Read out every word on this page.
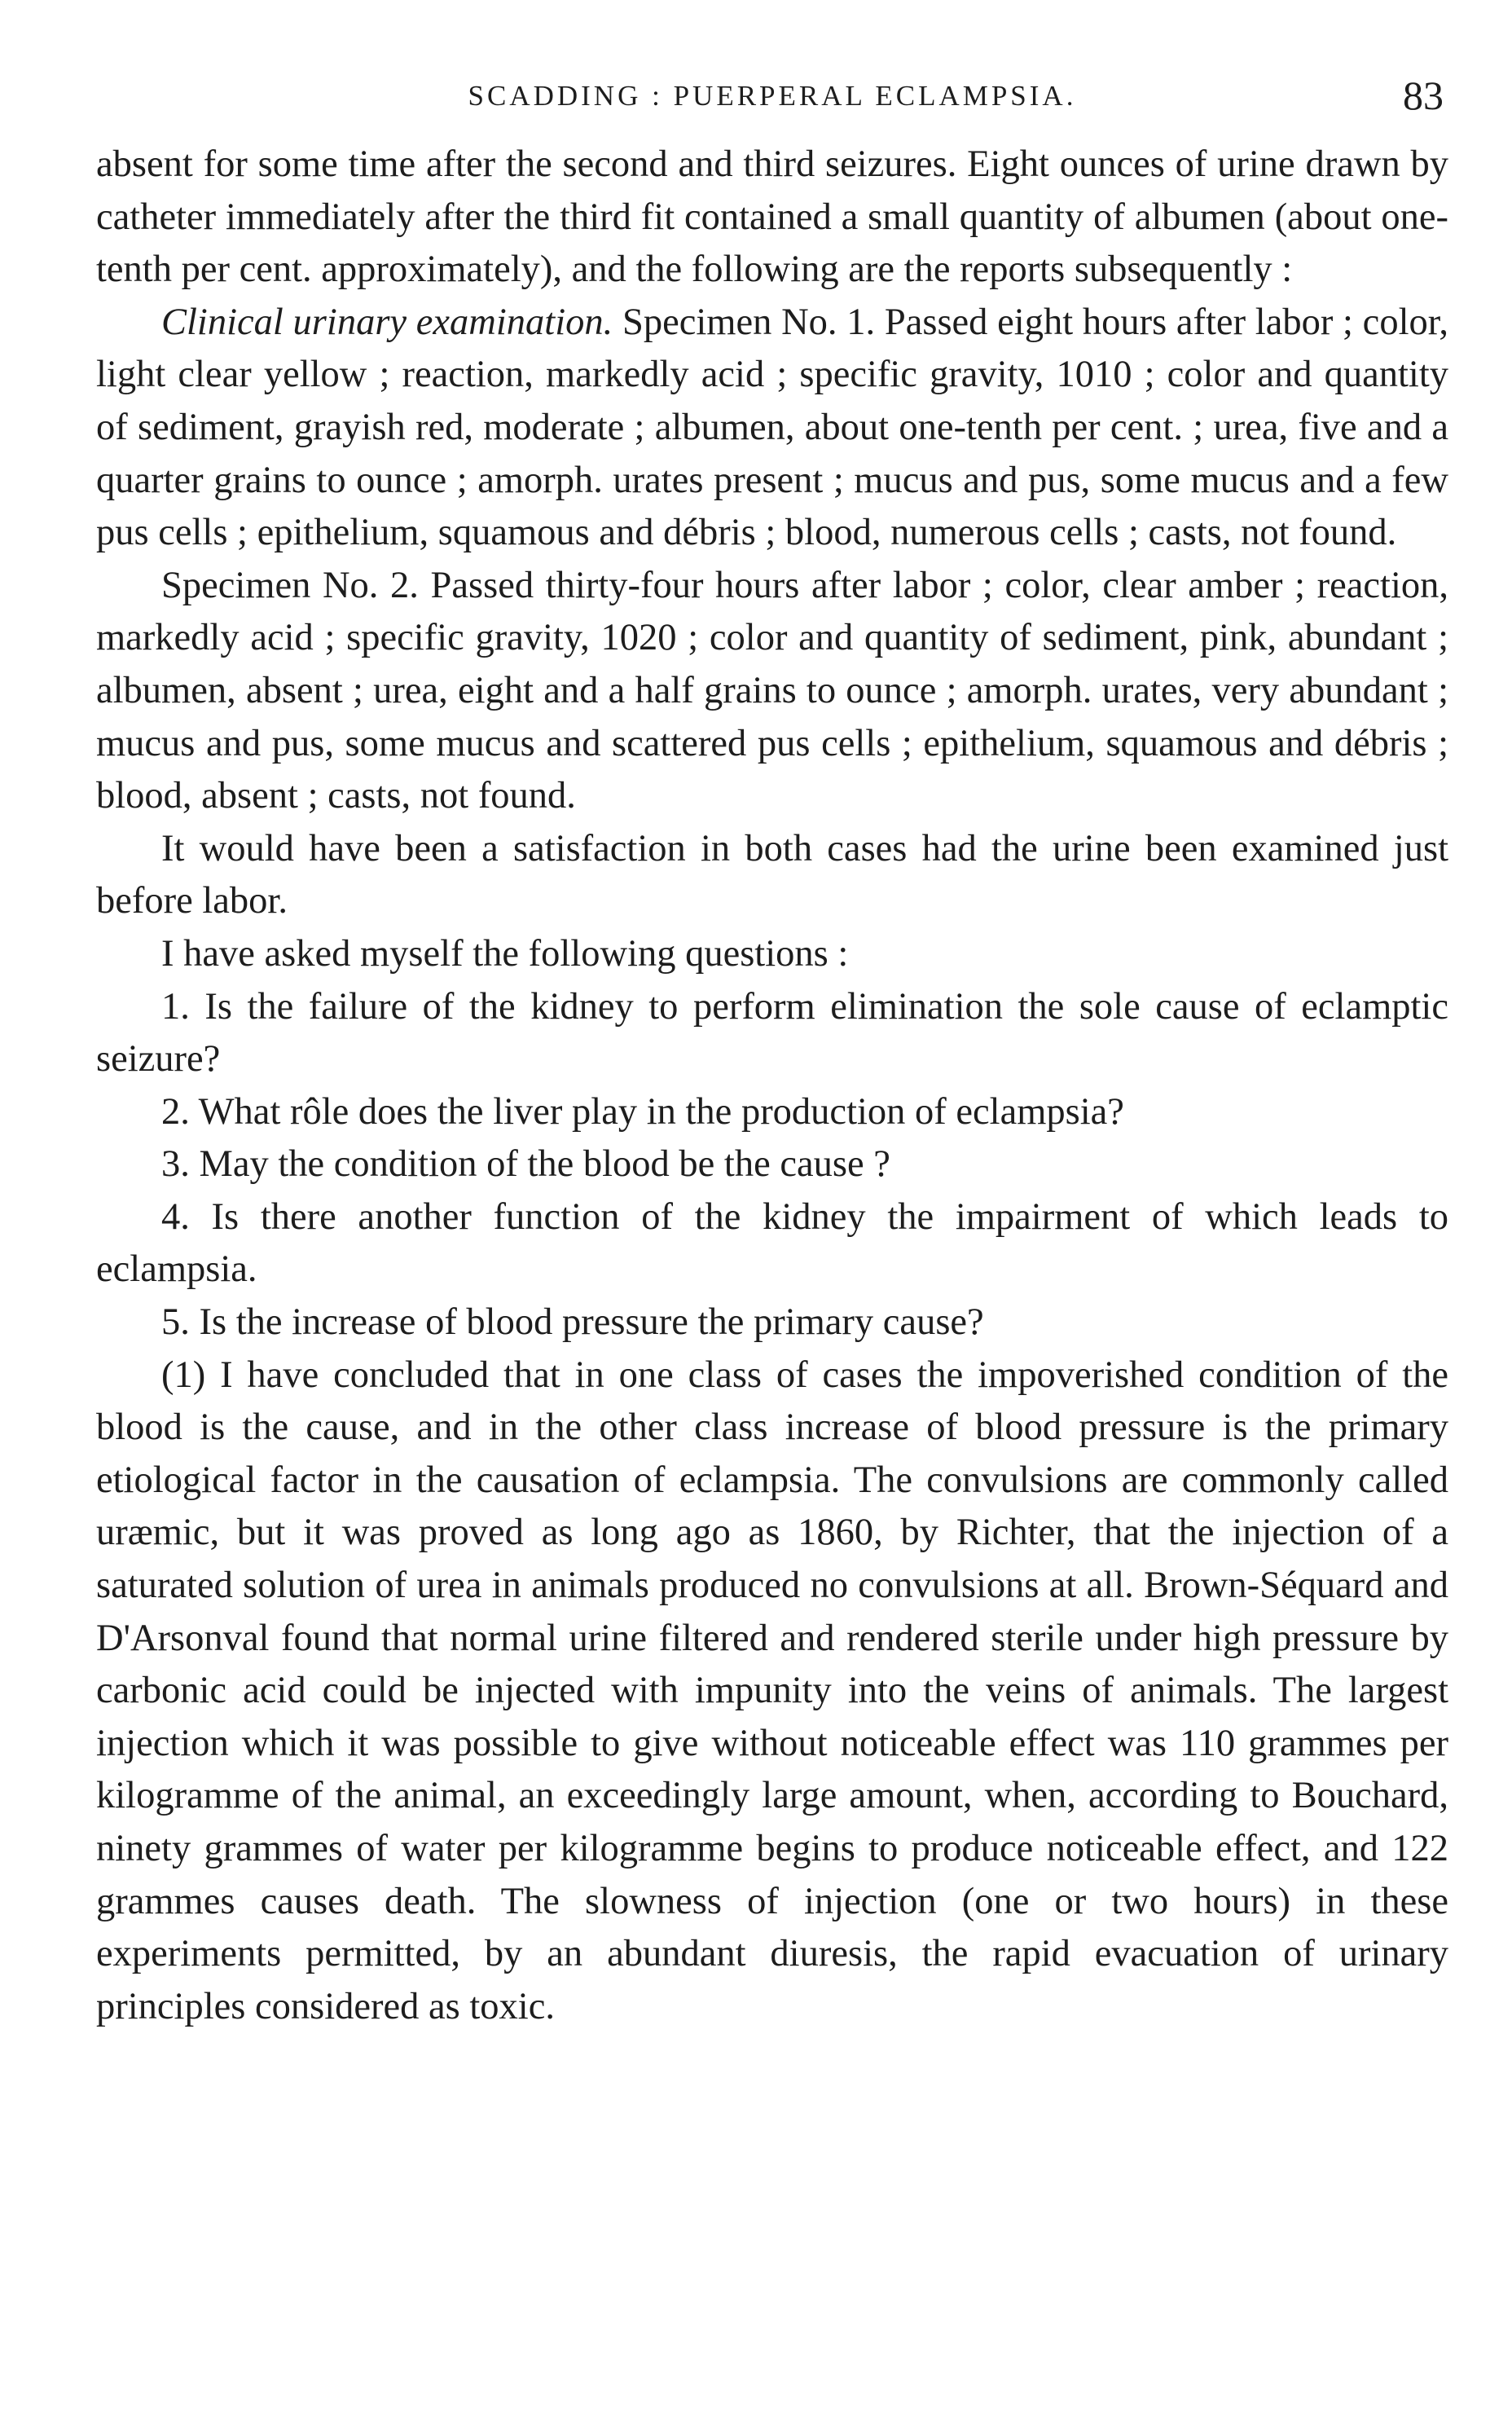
SCADDING : PUERPERAL ECLAMPSIA.	83

absent for some time after the second and third seizures. Eight ounces of urine drawn by catheter immediately after the third fit contained a small quantity of albumen (about one-tenth per cent. approximately), and the following are the reports subsequently :

Clinical urinary examination. Specimen No. 1. Passed eight hours after labor ; color, light clear yellow ; reaction, markedly acid ; specific gravity, 1010 ; color and quantity of sediment, grayish red, moderate ; albumen, about one-tenth per cent. ; urea, five and a quarter grains to ounce ; amorph. urates present ; mucus and pus, some mucus and a few pus cells ; epithelium, squamous and débris ; blood, numerous cells ; casts, not found.

Specimen No. 2. Passed thirty-four hours after labor ; color, clear amber ; reaction, markedly acid ; specific gravity, 1020 ; color and quantity of sediment, pink, abundant ; albumen, absent ; urea, eight and a half grains to ounce ; amorph. urates, very abundant ; mucus and pus, some mucus and scattered pus cells ; epithelium, squamous and débris ; blood, absent ; casts, not found.

It would have been a satisfaction in both cases had the urine been examined just before labor.

I have asked myself the following questions :

1. Is the failure of the kidney to perform elimination the sole cause of eclamptic seizure?

2. What rôle does the liver play in the production of eclampsia?

3. May the condition of the blood be the cause ?

4. Is there another function of the kidney the impairment of which leads to eclampsia.

5. Is the increase of blood pressure the primary cause?

(1) I have concluded that in one class of cases the impoverished condition of the blood is the cause, and in the other class increase of blood pressure is the primary etiological factor in the causation of eclampsia. The convulsions are commonly called uræmic, but it was proved as long ago as 1860, by Richter, that the injection of a saturated solution of urea in animals produced no convulsions at all. Brown-Séquard and D'Arsonval found that normal urine filtered and rendered sterile under high pressure by carbonic acid could be injected with impunity into the veins of animals. The largest injection which it was possible to give without noticeable effect was 110 grammes per kilogramme of the animal, an exceedingly large amount, when, according to Bouchard, ninety grammes of water per kilogramme begins to produce noticeable effect, and 122 grammes causes death. The slowness of injection (one or two hours) in these experiments permitted, by an abundant diuresis, the rapid evacuation of urinary principles considered as toxic.
